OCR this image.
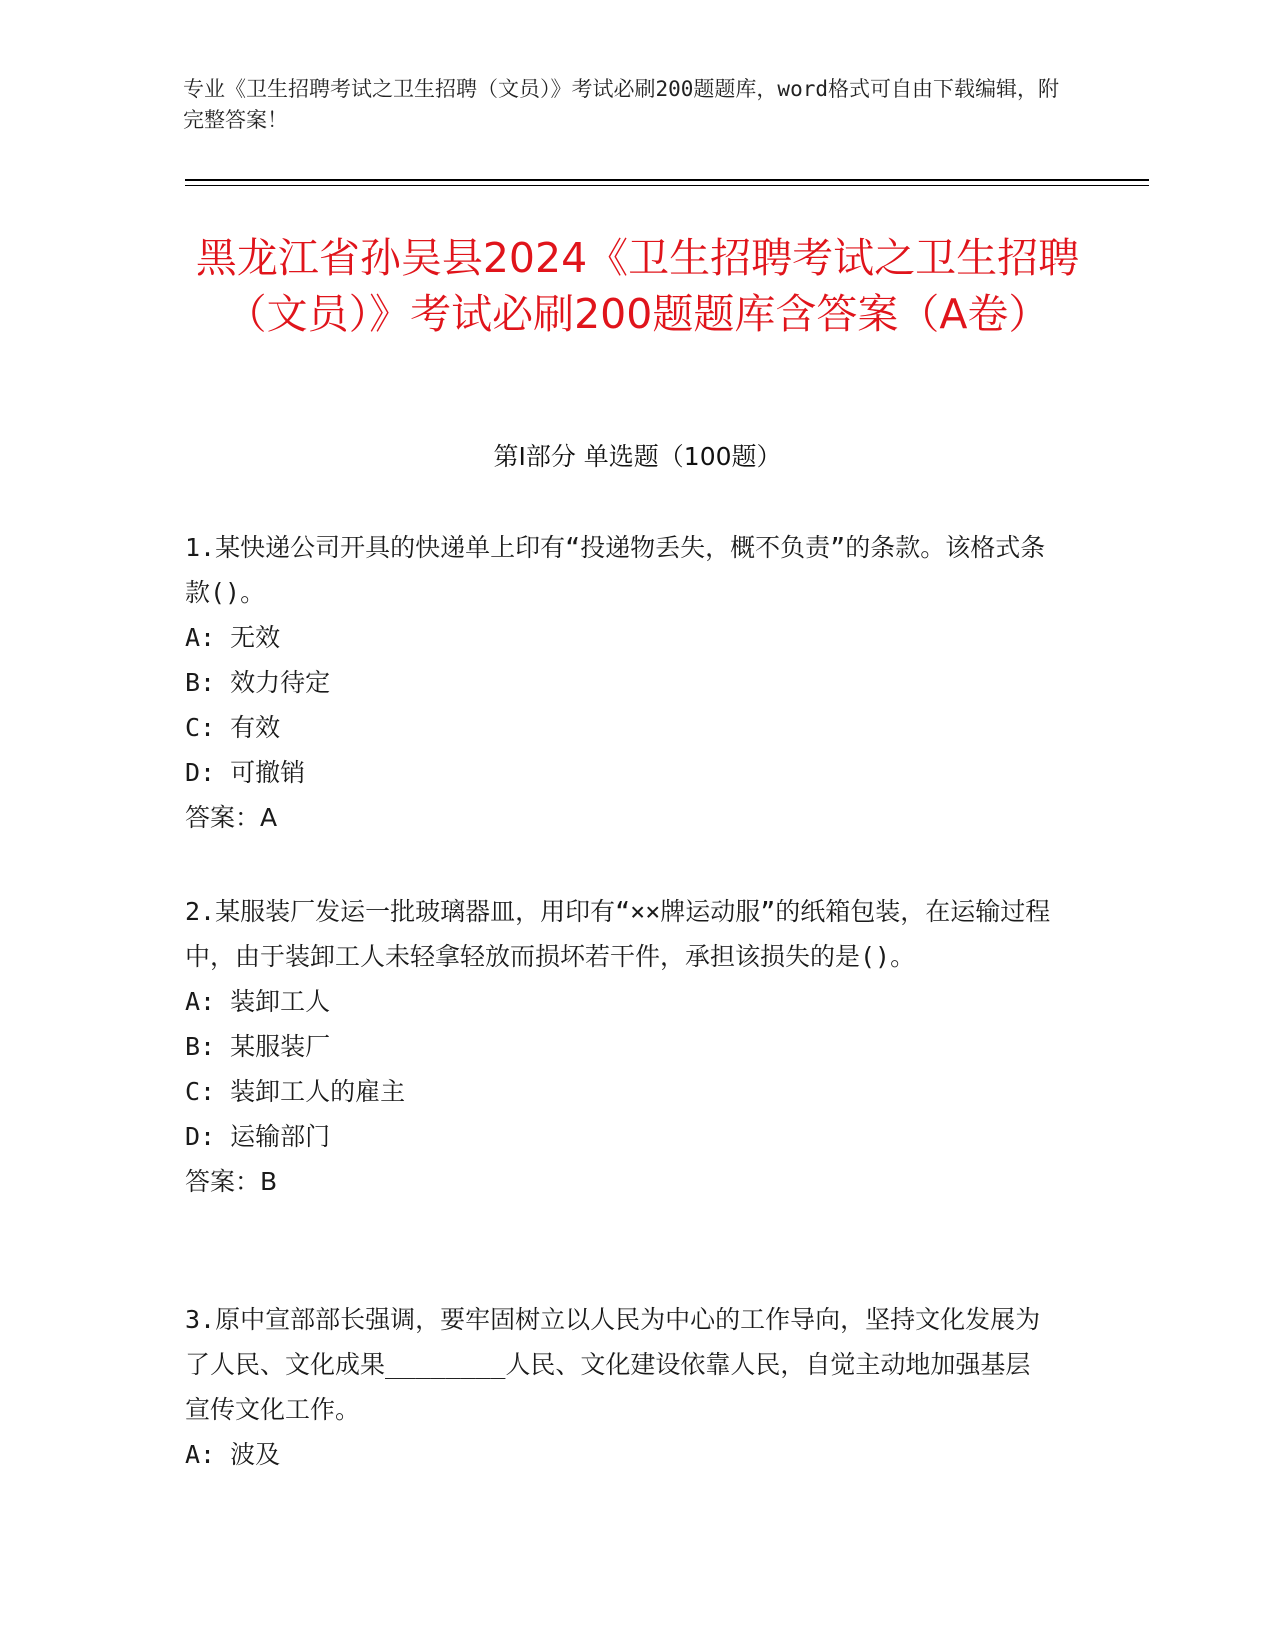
专业《卫生招聘考试之卫生招聘（文员）》考试必刷200题题库，word格式可自由下载编辑，附完整答案！
黑龙江省孙吴县2024《卫生招聘考试之卫生招聘（文员）》考试必刷200题题库含答案（A卷）
第I部分 单选题（100题）

1.某快递公司开具的快递单上印有“投递物丢失，概不负责”的条款。该格式条款()。

A: 无效

B: 效力待定

C: 有效

D: 可撤销

答案：A

2.某服装厂发运一批玻璃器皿，用印有“××牌运动服”的纸箱包装，在运输过程中，由于装卸工人未轻拿轻放而损坏若干件，承担该损失的是()。

A: 装卸工人

B: 某服装厂

C: 装卸工人的雇主

D: 运输部门

答案：B

3.原中宣部部长强调，要牢固树立以人民为中心的工作导向，坚持文化发展为了人民、文化成果________人民、文化建设依靠人民，自觉主动地加强基层宣传文化工作。

A: 波及
